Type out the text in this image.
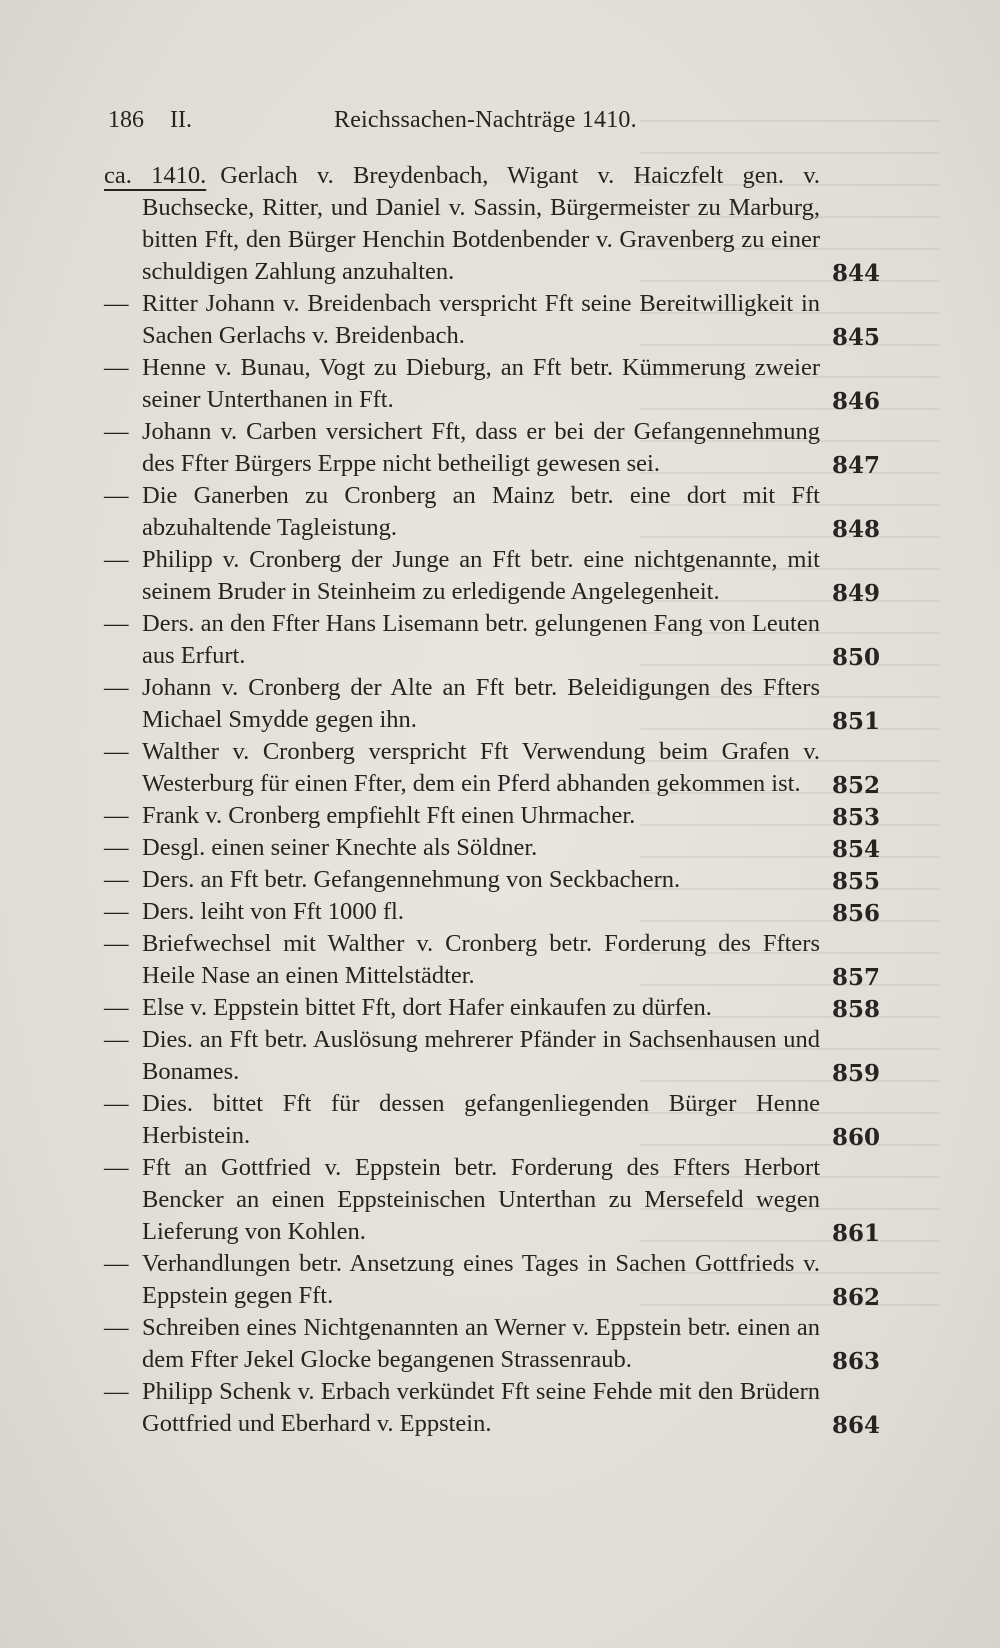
186 II.	Reichssachen-Nachträge 1410.
ca. 1410. Gerlach v. Breydenbach, Wigant v. Haiczfelt gen. v. Buchsecke, Ritter, und Daniel v. Sassin, Bürgermeister zu Marburg, bitten Fft, den Bürger Henchin Botdenbender v. Gravenberg zu einer schuldigen Zahlung anzuhalten.	844
— Ritter Johann v. Breidenbach verspricht Fft seine Bereitwilligkeit in Sachen Gerlachs v. Breidenbach.	845
— Henne v. Bunau, Vogt zu Dieburg, an Fft betr. Kümmerung zweier seiner Unterthanen in Fft.	846
— Johann v. Carben versichert Fft, dass er bei der Gefangennehmung des Ffter Bürgers Erppe nicht betheiligt gewesen sei.	847
— Die Ganerben zu Cronberg an Mainz betr. eine dort mit Fft abzuhaltende Tagleistung.	848
— Philipp v. Cronberg der Junge an Fft betr. eine nichtgenannte, mit seinem Bruder in Steinheim zu erledigende Angelegenheit.	849
— Ders. an den Ffter Hans Lisemann betr. gelungenen Fang von Leuten aus Erfurt.	850
— Johann v. Cronberg der Alte an Fft betr. Beleidigungen des Ffters Michael Smydde gegen ihn.	851
— Walther v. Cronberg verspricht Fft Verwendung beim Grafen v. Westerburg für einen Ffter, dem ein Pferd abhanden gekommen ist. 852
— Frank v. Cronberg empfiehlt Fft einen Uhrmacher.	853
— Desgl. einen seiner Knechte als Söldner.	854
— Ders. an Fft betr. Gefangennehmung von Seckbachern.	855
— Ders. leiht von Fft 1000 fl.	856
— Briefwechsel mit Walther v. Cronberg betr. Forderung des Ffters Heile Nase an einen Mittelstädter.	857
— Else v. Eppstein bittet Fft, dort Hafer einkaufen zu dürfen.	858
— Dies. an Fft betr. Auslösung mehrerer Pfänder in Sachsenhausen und Bonames.	859
— Dies. bittet Fft für dessen gefangenliegenden Bürger Henne Herbistein.	860
— Fft an Gottfried v. Eppstein betr. Forderung des Ffters Herbort Bencker an einen Eppsteinischen Unterthan zu Mersefeld wegen Lieferung von Kohlen.	861
— Verhandlungen betr. Ansetzung eines Tages in Sachen Gottfrieds v. Eppstein gegen Fft.	862
— Schreiben eines Nichtgenannten an Werner v. Eppstein betr. einen an dem Ffter Jekel Glocke begangenen Strassenraub.	863
— Philipp Schenk v. Erbach verkündet Fft seine Fehde mit den Brüdern Gottfried und Eberhard v. Eppstein.	864
